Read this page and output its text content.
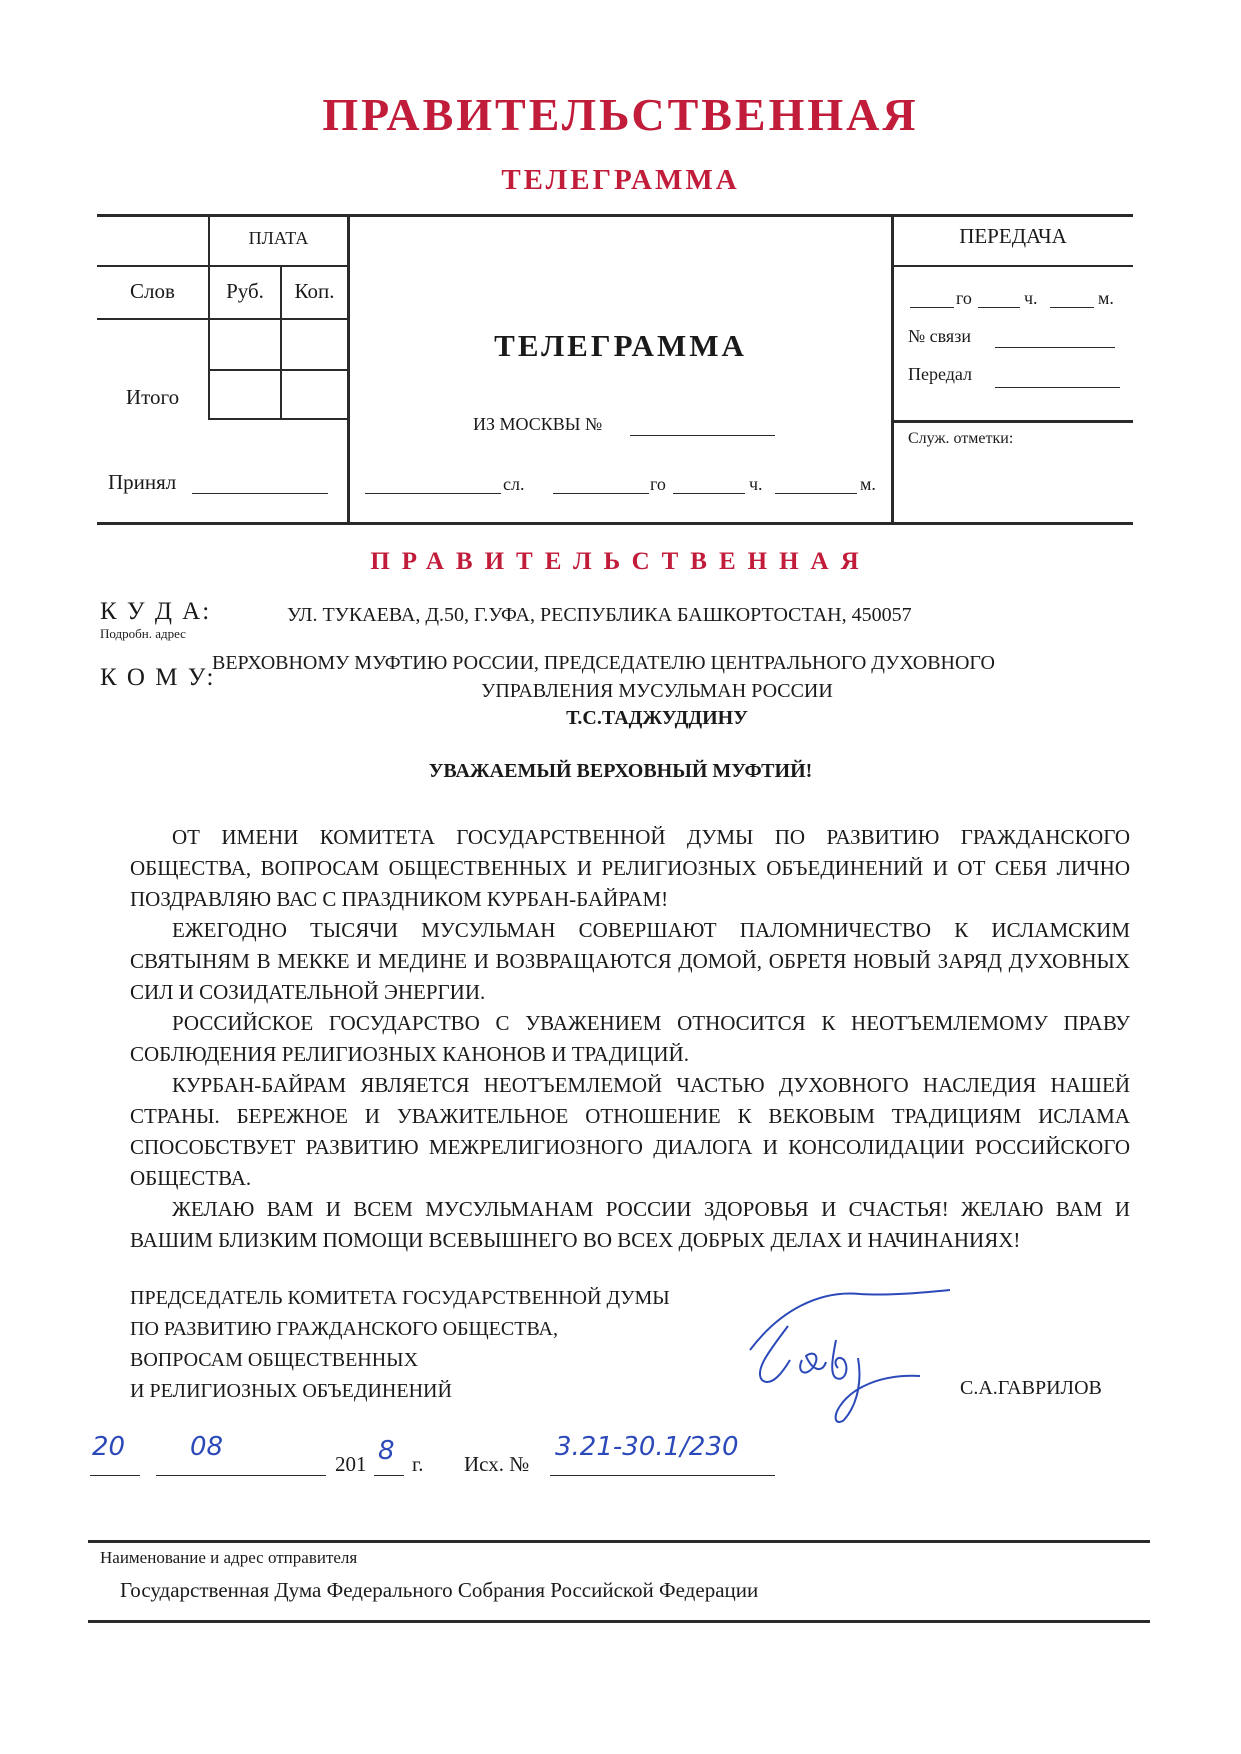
ПРАВИТЕЛЬСТВЕННАЯ
ТЕЛЕГРАММА
ПЛАТА
Слов	Руб.	Коп.
Итого
Принял
ТЕЛЕГРАММА
ИЗ МОСКВЫ №
сл.	го	ч.	м.
ПЕРЕДАЧА
го	ч.	м.
№ связи
Передал
Служ. отметки:
ПРАВИТЕЛЬСТВЕННАЯ
К У Д А:
Подробн. адрес
УЛ. ТУКАЕВА, Д.50, Г.УФА, РЕСПУБЛИКА БАШКОРТОСТАН, 450057
К О М У:
ВЕРХОВНОМУ МУФТИЮ РОССИИ, ПРЕДСЕДАТЕЛЮ ЦЕНТРАЛЬНОГО ДУХОВНОГО
УПРАВЛЕНИЯ МУСУЛЬМАН РОССИИ
Т.С.ТАДЖУДДИНУ
УВАЖАЕМЫЙ ВЕРХОВНЫЙ МУФТИЙ!

ОТ ИМЕНИ КОМИТЕТА ГОСУДАРСТВЕННОЙ ДУМЫ ПО РАЗВИТИЮ ГРАЖДАНСКОГО ОБЩЕСТВА, ВОПРОСАМ ОБЩЕСТВЕННЫХ И РЕЛИГИОЗНЫХ ОБЪЕДИНЕНИЙ И ОТ СЕБЯ ЛИЧНО ПОЗДРАВЛЯЮ ВАС С ПРАЗДНИКОМ КУРБАН-БАЙРАМ!

ЕЖЕГОДНО ТЫСЯЧИ МУСУЛЬМАН СОВЕРШАЮТ ПАЛОМНИЧЕСТВО К ИСЛАМСКИМ СВЯТЫНЯМ В МЕККЕ И МЕДИНЕ И ВОЗВРАЩАЮТСЯ ДОМОЙ, ОБРЕТЯ НОВЫЙ ЗАРЯД ДУХОВНЫХ СИЛ И СОЗИДАТЕЛЬНОЙ ЭНЕРГИИ.

РОССИЙСКОЕ ГОСУДАРСТВО С УВАЖЕНИЕМ ОТНОСИТСЯ К НЕОТЪЕМЛЕМОМУ ПРАВУ СОБЛЮДЕНИЯ РЕЛИГИОЗНЫХ КАНОНОВ И ТРАДИЦИЙ.

КУРБАН-БАЙРАМ ЯВЛЯЕТСЯ НЕОТЪЕМЛЕМОЙ ЧАСТЬЮ ДУХОВНОГО НАСЛЕДИЯ НАШЕЙ СТРАНЫ. БЕРЕЖНОЕ И УВАЖИТЕЛЬНОЕ ОТНОШЕНИЕ К ВЕКОВЫМ ТРАДИЦИЯМ ИСЛАМА СПОСОБСТВУЕТ РАЗВИТИЮ МЕЖРЕЛИГИОЗНОГО ДИАЛОГА И КОНСОЛИДАЦИИ РОССИЙСКОГО ОБЩЕСТВА.

ЖЕЛАЮ ВАМ И ВСЕМ МУСУЛЬМАНАМ РОССИИ ЗДОРОВЬЯ И СЧАСТЬЯ! ЖЕЛАЮ ВАМ И ВАШИМ БЛИЗКИМ ПОМОЩИ ВСЕВЫШНЕГО ВО ВСЕХ ДОБРЫХ ДЕЛАХ И НАЧИНАНИЯХ!

ПРЕДСЕДАТЕЛЬ КОМИТЕТА ГОСУДАРСТВЕННОЙ ДУМЫ
ПО РАЗВИТИЮ ГРАЖДАНСКОГО ОБЩЕСТВА,
ВОПРОСАМ ОБЩЕСТВЕННЫХ
И РЕЛИГИОЗНЫХ ОБЪЕДИНЕНИЙ	С.А.ГАВРИЛОВ
20 08
201 8 г. Исх. №
3.21-30.1/230
Наименование и адрес отправителя
Государственная Дума Федерального Собрания Российской Федерации
